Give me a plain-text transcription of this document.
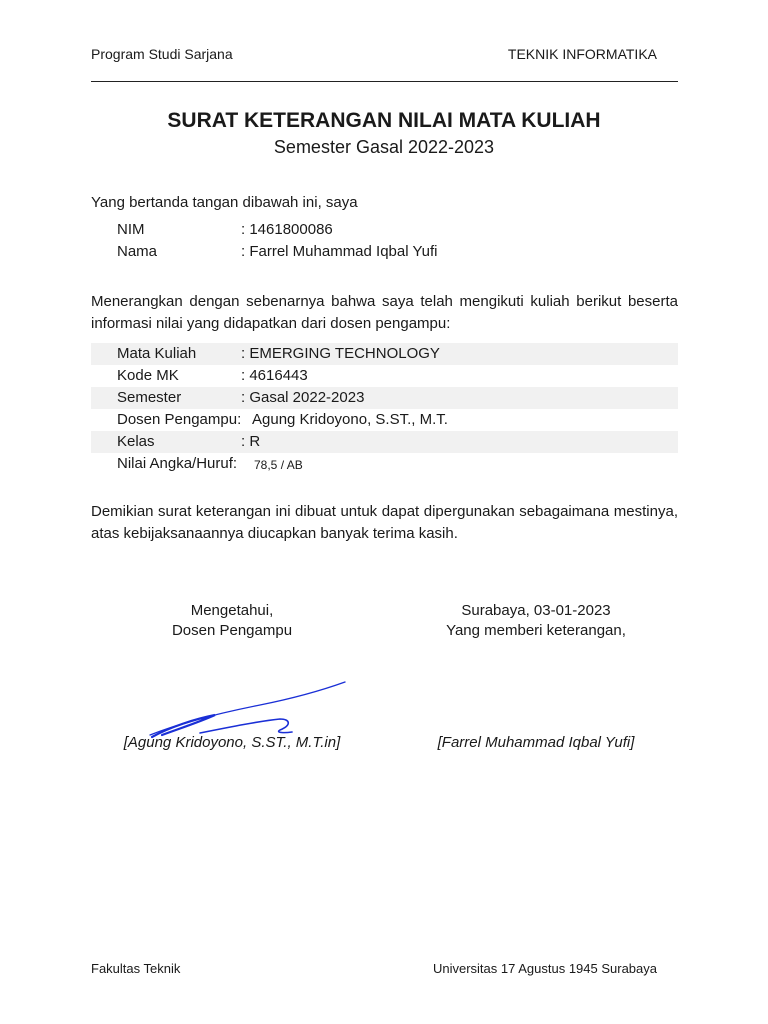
Program Studi Sarjana	TEKNIK INFORMATIKA
SURAT KETERANGAN NILAI MATA KULIAH
Semester Gasal 2022-2023
Yang bertanda tangan dibawah ini, saya
NIM	: 1461800086
Nama	: Farrel Muhammad Iqbal Yufi
Menerangkan dengan sebenarnya bahwa saya telah mengikuti kuliah berikut beserta informasi nilai yang didapatkan dari dosen pengampu:
Mata Kuliah	: EMERGING TECHNOLOGY
Kode MK	: 4616443
Semester	: Gasal 2022-2023
Dosen Pengampu: Agung Kridoyono, S.ST., M.T.
Kelas	: R
Nilai Angka/Huruf: 78,5 / AB
Demikian surat keterangan ini dibuat untuk dapat dipergunakan sebagaimana mestinya, atas kebijaksanaannya diucapkan banyak terima kasih.
Mengetahui,
Dosen Pengampu
[Agung Kridoyono, S.ST., M.T.in]
Surabaya, 03-01-2023
Yang memberi keterangan,
[Farrel Muhammad Iqbal Yufi]
Fakultas Teknik	Universitas 17 Agustus 1945 Surabaya
